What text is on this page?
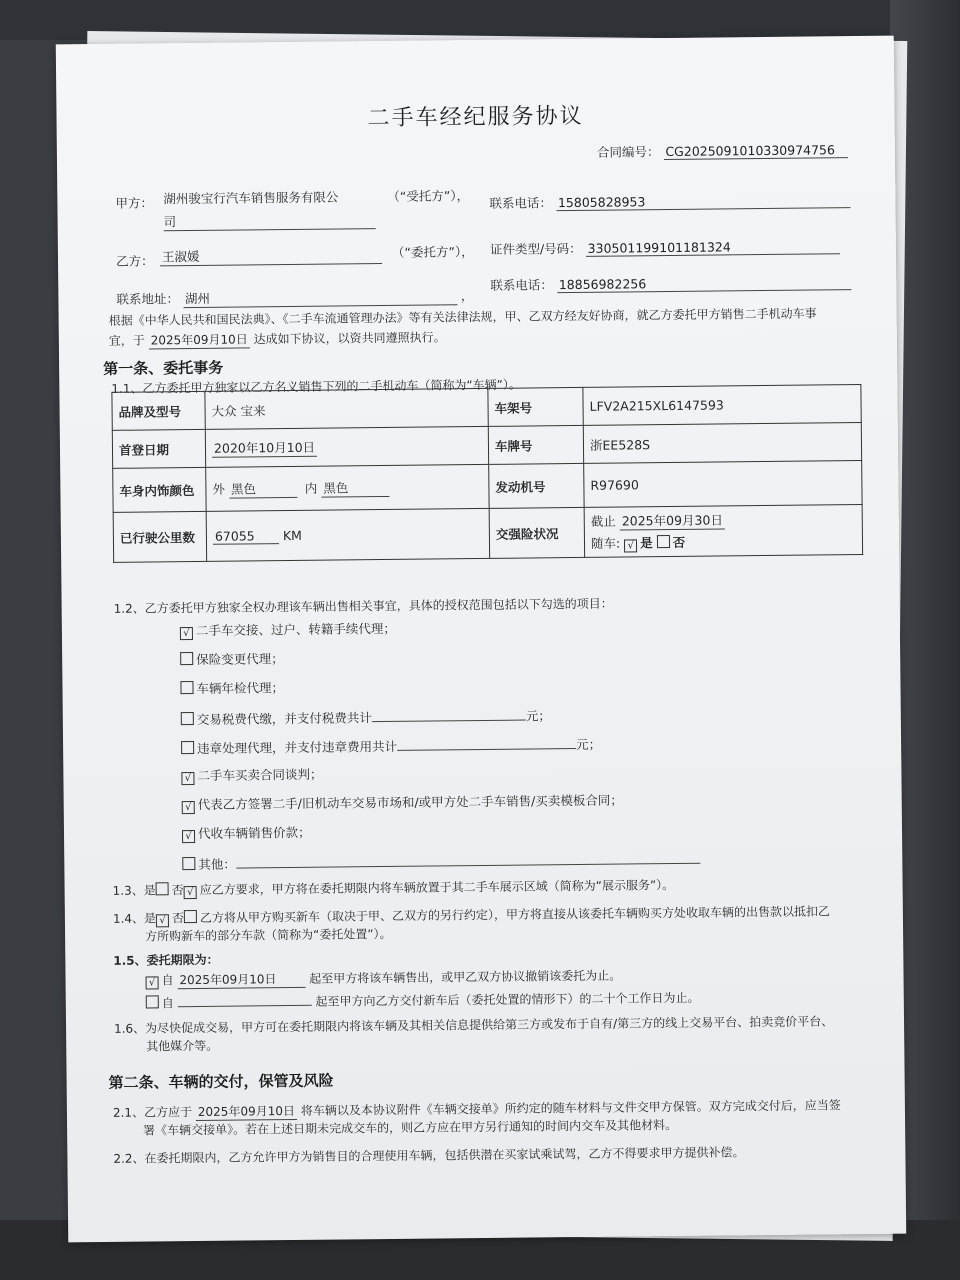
二手车经纪服务协议
合同编号： CG2025091010330974756
甲方： 湖州骏宝行汽车销售服务有限公
司
（“受托方”）， 联系电话： 15805828953
乙方： 王淑媛	（“委托方”）， 证件类型/号码： 330501199101181324
联系地址： 湖州	，
联系电话： 18856982256
根据《中华人民共和国民法典》、《二手车流通管理办法》等有关法律法规，甲、乙双方经友好协商，就乙方委托甲方销售二手机动车事
宜，于 2025年09月10日 达成如下协议，以资共同遵照执行。
第一条、委托事务
1.1、乙方委托甲方独家以乙方名义销售下列的二手机动车（简称为“车辆”）。
品牌及型号	大众 宝来	车架号	LFV2A215XL6147593
首登日期	2020年10月10日	车牌号	浙EE528S
车身内饰颜色	外 黑色 内 黑色	发动机号	R97690
已行驶公里数	67055 KM	交强险状况	截止 2025年09月30日
随车: √ 是 否
1.2、乙方委托甲方独家全权办理该车辆出售相关事宜，具体的授权范围包括以下勾选的项目：
√ 二手车交接、过户、转籍手续代理；
保险变更代理；
车辆年检代理；
交易税费代缴，并支付税费共计	元；
违章处理代理，并支付违章费用共计	元；
√ 二手车买卖合同谈判；
√ 代表乙方签署二手/旧机动车交易市场和/或甲方处二手车销售/买卖模板合同；
√ 代收车辆销售价款；
其他：
1.3、是 否 √ 应乙方要求，甲方将在委托期限内将车辆放置于其二手车展示区域（简称为“展示服务”）。
1.4、是 √ 否 乙方将从甲方购买新车（取决于甲、乙双方的另行约定），甲方将直接从该委托车辆购买方处收取车辆的出售款以抵扣乙
方所购新车的部分车款（简称为“委托处置”）。
1.5、委托期限为：
√ 自 2025年09月10日	起至甲方将该车辆售出，或甲乙双方协议撤销该委托为止。
自	起至甲方向乙方交付新车后（委托处置的情形下）的二十个工作日为止。
1.6、为尽快促成交易，甲方可在委托期限内将该车辆及其相关信息提供给第三方或发布于自有/第三方的线上交易平台、拍卖竞价平台、
其他媒介等。
第二条、车辆的交付，保管及风险
2.1、乙方应于 2025年09月10日 将车辆以及本协议附件《车辆交接单》所约定的随车材料与文件交甲方保管。双方完成交付后，应当签
署《车辆交接单》。若在上述日期未完成交车的，则乙方应在甲方另行通知的时间内交车及其他材料。
2.2、在委托期限内，乙方允许甲方为销售目的合理使用车辆，包括供潜在买家试乘试驾，乙方不得要求甲方提供补偿。
